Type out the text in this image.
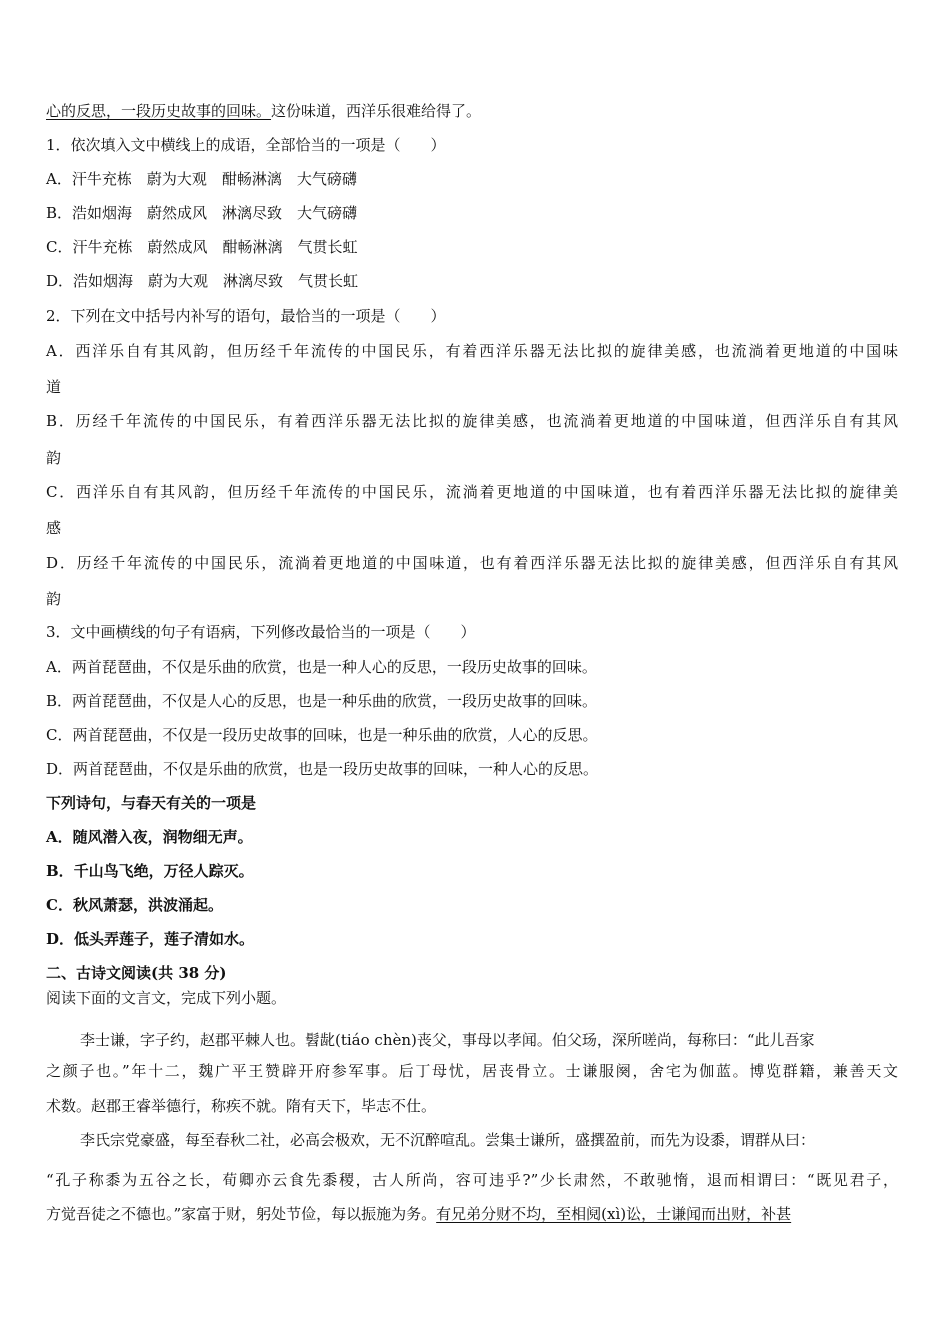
心的反思，一段历史故事的回味。这份味道，西洋乐很难给得了。
1．依次填入文中横线上的成语，全部恰当的一项是（　　）
A．汗牛充栋　蔚为大观　酣畅淋漓　大气磅礴
B．浩如烟海　蔚然成风　淋漓尽致　大气磅礴
C．汗牛充栋　蔚然成风　酣畅淋漓　气贯长虹
D．浩如烟海　蔚为大观　淋漓尽致　气贯长虹
2．下列在文中括号内补写的语句，最恰当的一项是（　　）
A．西洋乐自有其风韵，但历经千年流传的中国民乐，有着西洋乐器无法比拟的旋律美感，也流淌着更地道的中国味
道
B．历经千年流传的中国民乐，有着西洋乐器无法比拟的旋律美感，也流淌着更地道的中国味道，但西洋乐自有其风
韵
C．西洋乐自有其风韵，但历经千年流传的中国民乐，流淌着更地道的中国味道，也有着西洋乐器无法比拟的旋律美
感
D．历经千年流传的中国民乐，流淌着更地道的中国味道，也有着西洋乐器无法比拟的旋律美感，但西洋乐自有其风
韵
3．文中画横线的句子有语病，下列修改最恰当的一项是（　　）
A．两首琵琶曲，不仅是乐曲的欣赏，也是一种人心的反思，一段历史故事的回味。
B．两首琵琶曲，不仅是人心的反思，也是一种乐曲的欣赏，一段历史故事的回味。
C．两首琵琶曲，不仅是一段历史故事的回味，也是一种乐曲的欣赏，人心的反思。
D．两首琵琶曲，不仅是乐曲的欣赏，也是一段历史故事的回味，一种人心的反思。
下列诗句，与春天有关的一项是
A．随风潜入夜，润物细无声。
B．千山鸟飞绝，万径人踪灭。
C．秋风萧瑟，洪波涌起。
D．低头弄莲子，莲子清如水。
二、古诗文阅读(共 38 分)
阅读下面的文言文，完成下列小题。
李士谦，字子约，赵郡平棘人也。髫龀(tiáo chèn)丧父，事母以孝闻。伯父玚，深所嗟尚，每称曰：“此儿吾家
之颜子也。”年十二，魏广平王赞辟开府参军事。后丁母忧，居丧骨立。士谦服阕，舍宅为伽蓝。博览群籍，兼善天文
术数。赵郡王睿举德行，称疾不就。隋有天下，毕志不仕。
李氏宗党豪盛，每至春秋二社，必高会极欢，无不沉醉喧乱。尝集士谦所，盛撰盈前，而先为设黍，谓群从曰：
“孔子称黍为五谷之长，荀卿亦云食先黍稷，古人所尚，容可违乎?”少长肃然，不敢驰惰，退而相谓曰：“既见君子，
方觉吾徒之不德也。”家富于财，躬处节俭，每以振施为务。有兄弟分财不均，至相阋(xì)讼，士谦闻而出财，补甚
